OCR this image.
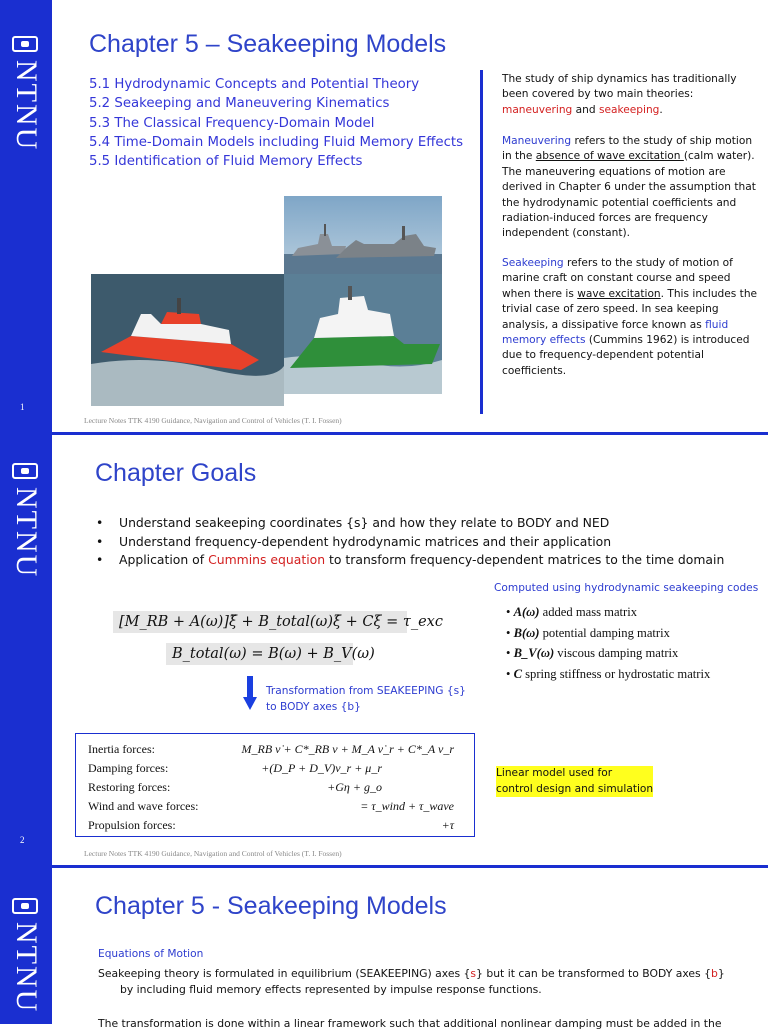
NTNU
1
Chapter 5 – Seakeeping Models
5.1 Hydrodynamic Concepts and Potential Theory
5.2 Seakeeping and Maneuvering Kinematics
5.3 The Classical Frequency-Domain Model
5.4 Time-Domain Models including Fluid Memory Effects
5.5 Identification of Fluid Memory Effects
Lecture Notes TTK 4190 Guidance, Navigation and Control of Vehicles (T. I. Fossen)
The study of ship dynamics has traditionally
been covered by two main theories:
maneuvering and seakeeping.
Maneuvering refers to the study of ship motion
in the absence of wave excitation (calm water).
The maneuvering equations of motion are
derived in Chapter 6 under the assumption that
the hydrodynamic potential coefficients and
radiation-induced forces are frequency
independent (constant).
Seakeeping refers to the study of motion of
marine craft on constant course and speed
when there is wave excitation. This includes the
trivial case of zero speed. In sea keeping
analysis, a dissipative force known as fluid
memory effects (Cummins 1962) is introduced
due to frequency-dependent potential
coefficients.
NTNU
2
Lecture Notes TTK 4190 Guidance, Navigation and Control of Vehicles (T. I. Fossen)
Chapter Goals
• Understand seakeeping coordinates {s} and how they relate to BODY and NED
• Understand frequency-dependent hydrodynamic matrices and their application
• Application of Cummins equation to transform frequency-dependent matrices to the time domain
Computed using hydrodynamic seakeeping codes
• A(ω) added mass matrix
• B(ω) potential damping matrix
• B_V(ω) viscous damping matrix
• C spring stiffness or hydrostatic matrix
[M_RB + A(ω)]ξ̈ + B_total(ω)ξ̇ + Cξ = τ_exc
B_total(ω) = B(ω) + B_V(ω)
Transformation from SEAKEEPING {s}
to BODY axes {b}
Inertia forces:	M_RB ν̇ + C*_RB ν + M_A ν̇_r + C*_A ν_r
Damping forces:	+(D_P + D_V)ν_r + μ_r
Restoring forces:	+Gη + g_o
Wind and wave forces:	= τ_wind + τ_wave
Propulsion forces:	+τ
Linear model used for
control design and simulation
NTNU
Chapter 5 - Seakeeping Models
Equations of Motion
Seakeeping theory is formulated in equilibrium (SEAKEEPING) axes {s} but it can be transformed to BODY axes {b}
by including fluid memory effects represented by impulse response functions.
The transformation is done within a linear framework such that additional nonlinear damping must be added in the
